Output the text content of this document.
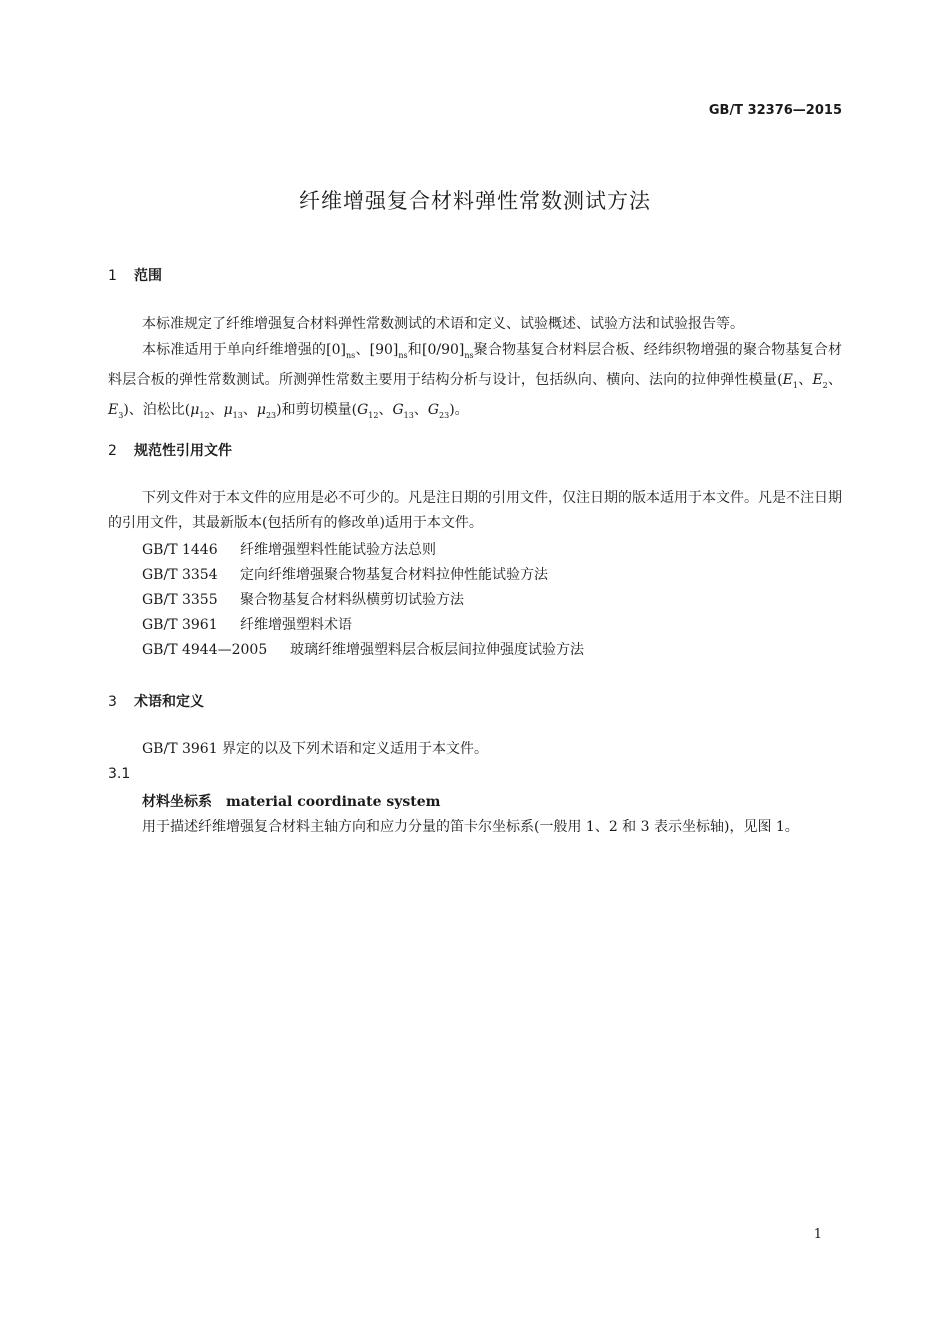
GB/T 32376—2015
纤维增强复合材料弹性常数测试方法
1 范围
本标准规定了纤维增强复合材料弹性常数测试的术语和定义、试验概述、试验方法和试验报告等。
本标准适用于单向纤维增强的$[0]_{ns}$、$[90]_{ns}$和$[0/90]_{ns}$聚合物基复合材料层合板、经纬织物增强的聚合物基复合材料层合板的弹性常数测试。所测弹性常数主要用于结构分析与设计，包括纵向、横向、法向的拉伸弹性模量($E_1$、$E_2$、$E_3$)、泊松比($\mu_{12}$、$\mu_{13}$、$\mu_{23}$)和剪切模量($G_{12}$、$G_{13}$、$G_{23}$)。
2 规范性引用文件
下列文件对于本文件的应用是必不可少的。凡是注日期的引用文件，仅注日期的版本适用于本文件。凡是不注日期的引用文件，其最新版本(包括所有的修改单)适用于本文件。
GB/T 1446 纤维增强塑料性能试验方法总则
GB/T 3354 定向纤维增强聚合物基复合材料拉伸性能试验方法
GB/T 3355 聚合物基复合材料纵横剪切试验方法
GB/T 3961 纤维增强塑料术语
GB/T 4944—2005 玻璃纤维增强塑料层合板层间拉伸强度试验方法
3 术语和定义
GB/T 3961 界定的以及下列术语和定义适用于本文件。
3.1
材料坐标系 material coordinate system
用于描述纤维增强复合材料主轴方向和应力分量的笛卡尔坐标系(一般用 1、2 和 3 表示坐标轴)，见图 1。
1
